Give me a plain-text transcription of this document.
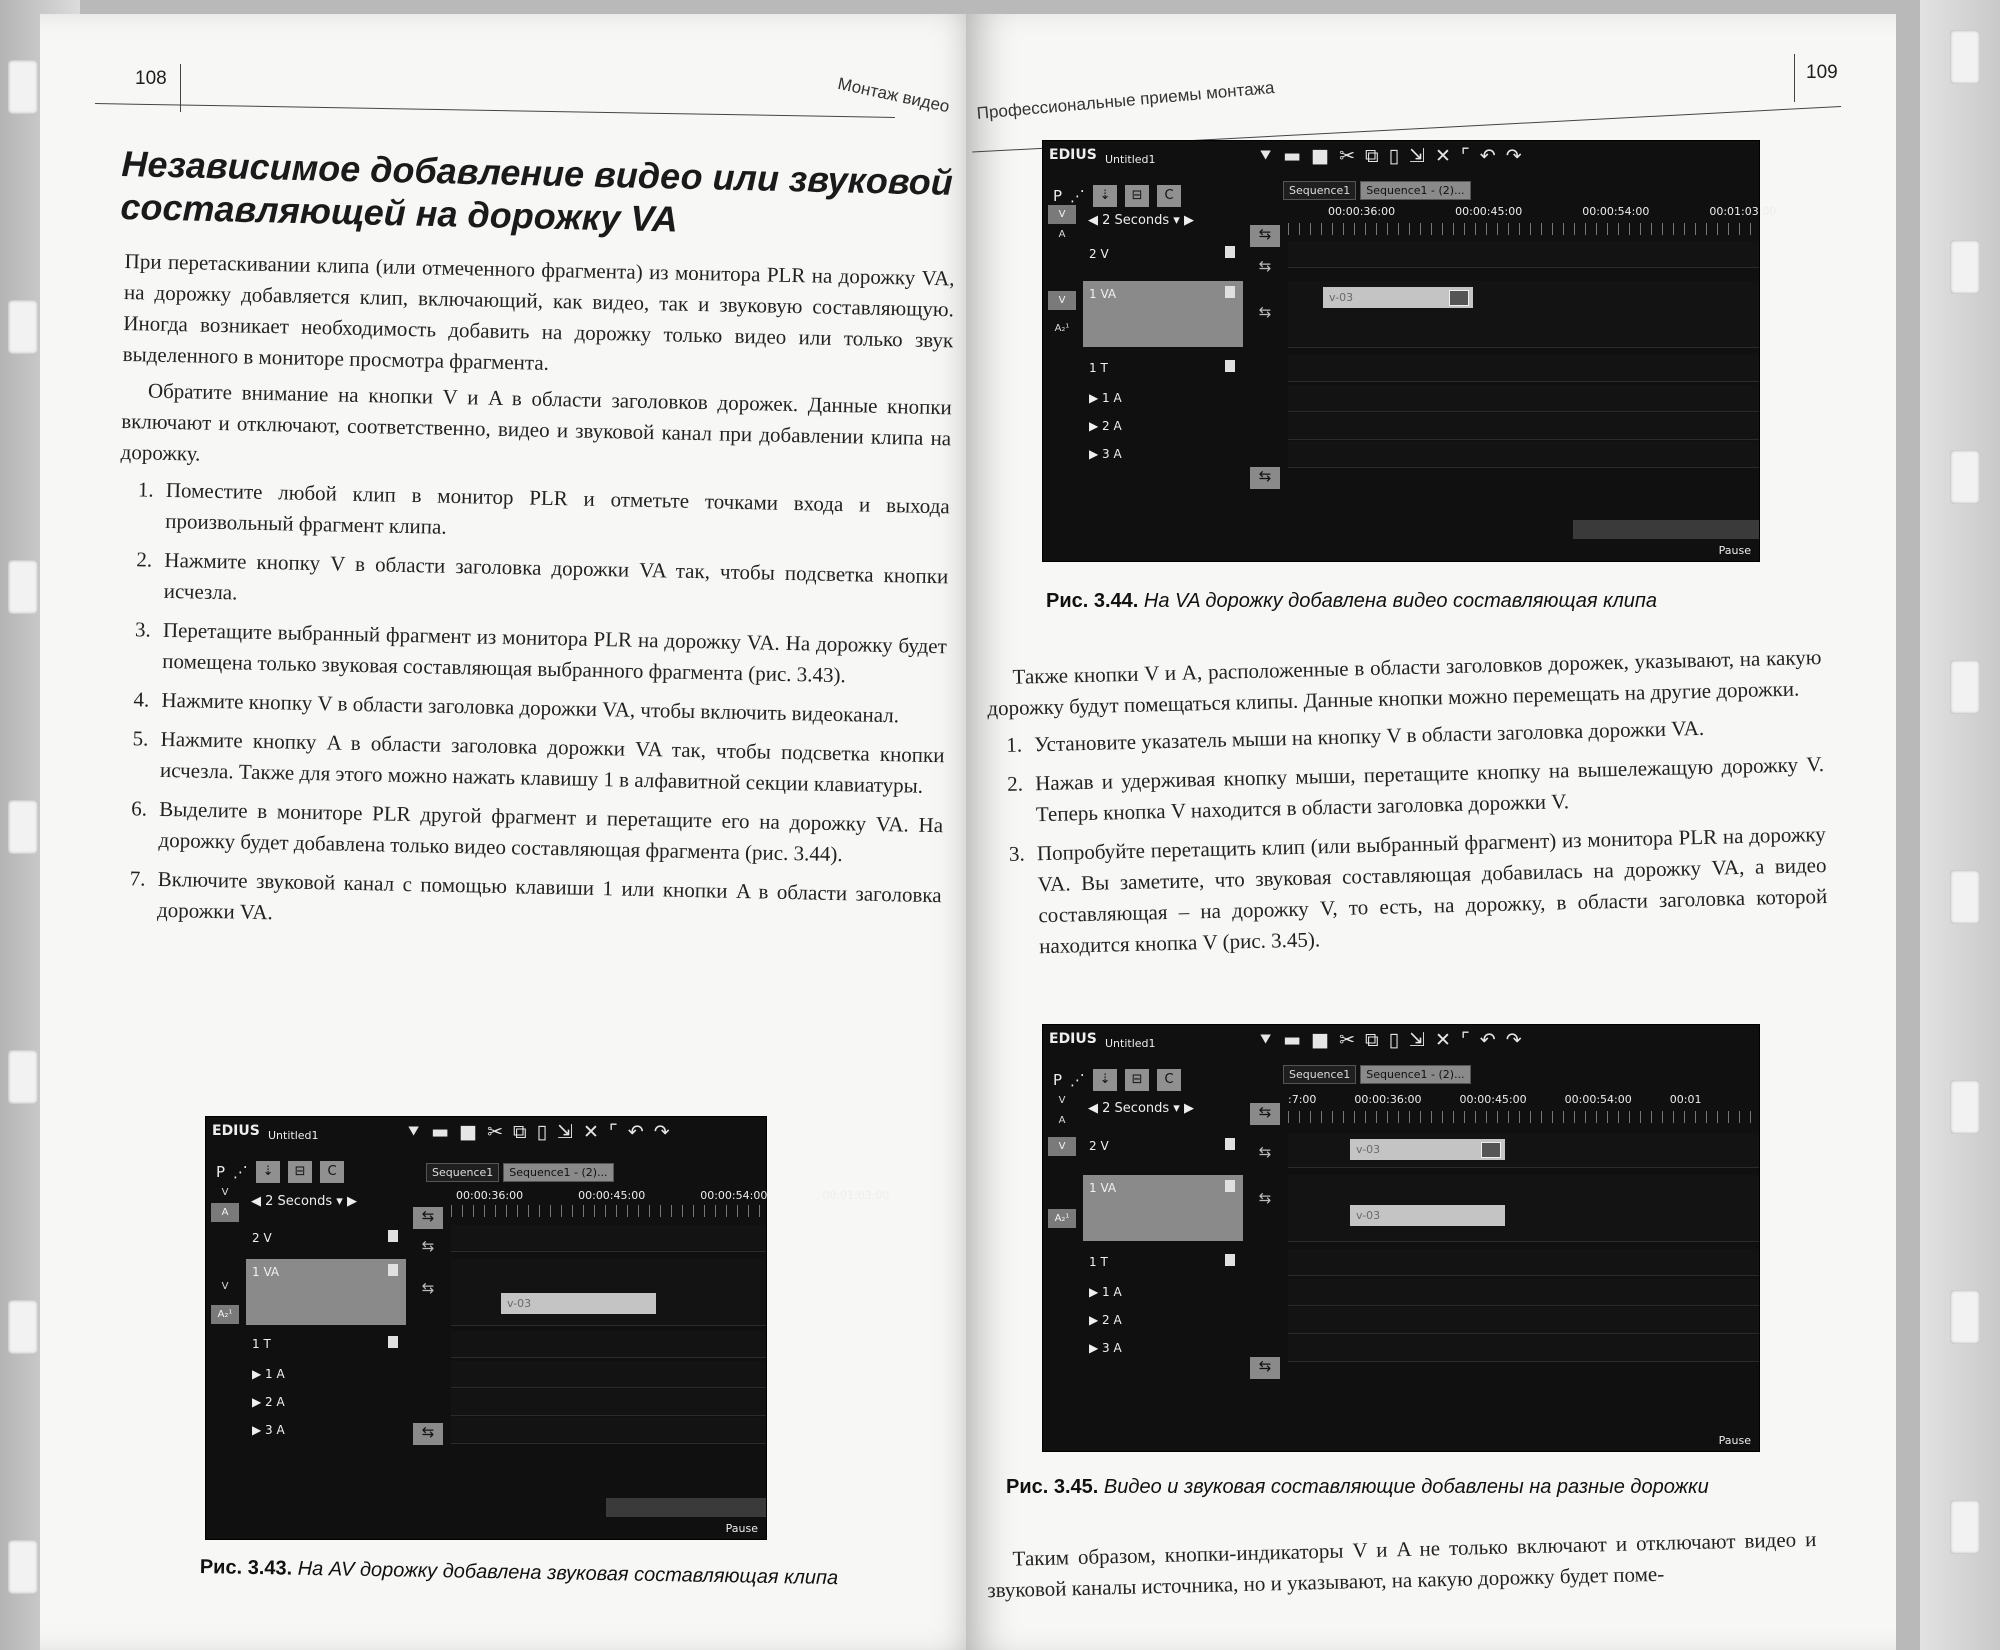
108	Монтаж видео
Независимое добавление видео или звуковой составляющей на дорожку VA

При перетаскивании клипа (или отмеченного фрагмента) из монитора PLR на дорожку VA, на дорожку добавляется клип, включающий, как видео, так и звуковую составляющую. Иногда возникает необходимость добавить на дорожку только видео или только звук выделенного в мониторе просмотра фрагмента.

Обратите внимание на кнопки V и A в области заголовков дорожек. Данные кнопки включают и отключают, соответственно, видео и звуковой канал при добавлении клипа на дорожку.

1. Поместите любой клип в монитор PLR и отметьте точками входа и выхода произвольный фрагмент клипа.
2. Нажмите кнопку V в области заголовка дорожки VA так, чтобы подсветка кнопки исчезла.
3. Перетащите выбранный фрагмент из монитора PLR на дорожку VA. На дорожку будет помещена только звуковая составляющая выбранного фрагмента (рис. 3.43).
4. Нажмите кнопку V в области заголовка дорожки VA, чтобы включить видеоканал.
5. Нажмите кнопку A в области заголовка дорожки VA так, чтобы подсветка кнопки исчезла. Также для этого можно нажать клавишу 1 в алфавитной секции клавиатуры.
6. Выделите в мониторе PLR другой фрагмент и перетащите его на дорожку VA. На дорожку будет добавлена только видео составляющая фрагмента (рис. 3.44).
7. Включите звуковой канал с помощью клавиши 1 или кнопки A в области заголовка дорожки VA.
EDIUS Untitled1	⯆ ▬ ■ ✂ ⧉ ▯ ⇲ ✕ ⌜ ↶ ↷
P ⋰	⇣	⊟	C	Sequence1	Sequence1 - (2)...
00:00:36:00	00:00:45:00	00:00:54:00	00:01:03:00
V
A
◀ 2 Seconds ▾ ▶
2 V
1 VA
V
A₂¹
1 T
▶ 1 A
▶ 2 A
▶ 3 A
⇆
⇆
⇆
⇆
v-03
Pause
Рис. 3.43. На AV дорожку добавлена звуковая составляющая клипа
Профессиональные приемы монтажа
109
EDIUS Untitled1	⯆ ▬ ■ ✂ ⧉ ▯ ⇲ ✕ ⌜ ↶ ↷
P ⋰	⇣	⊟	C	Sequence1	Sequence1 - (2)...
00:00:36:00	00:00:45:00	00:00:54:00	00:01:03:00
V
A
◀ 2 Seconds ▾ ▶
2 V
1 VA
V
A₂¹
1 T
▶ 1 A
▶ 2 A
▶ 3 A
⇆
⇆
⇆
⇆
v-03
Pause
Рис. 3.44. На VA дорожку добавлена видео составляющая клипа

Также кнопки V и A, расположенные в области заголовков дорожек, указывают, на какую дорожку будут помещаться клипы. Данные кнопки можно перемещать на другие дорожки.

1. Установите указатель мыши на кнопку V в области заголовка дорожки VA.
2. Нажав и удерживая кнопку мыши, перетащите кнопку на вышележащую дорожку V. Теперь кнопка V находится в области заголовка дорожки V.
3. Попробуйте перетащить клип (или выбранный фрагмент) из монитора PLR на дорожку VA. Вы заметите, что звуковая составляющая добавилась на дорожку VA, а видео составляющая – на дорожку V, то есть, на дорожку, в области заголовка которой находится кнопка V (рис. 3.45).
EDIUS Untitled1	⯆ ▬ ■ ✂ ⧉ ▯ ⇲ ✕ ⌜ ↶ ↷
P ⋰	⇣	⊟	C	Sequence1	Sequence1 - (2)...
:7:00	00:00:36:00	00:00:45:00	00:00:54:00	00:01
V
A
◀ 2 Seconds ▾ ▶
2 V
V
1 VA
A₂¹
1 T
▶ 1 A
▶ 2 A
▶ 3 A
⇆
⇆
⇆
⇆
v-03
v-03
Pause
Рис. 3.45. Видео и звуковая составляющие добавлены на разные дорожки

Таким образом, кнопки-индикаторы V и A не только включают и отключают видео и звуковой каналы источника, но и указывают, на какую дорожку будет поме-
